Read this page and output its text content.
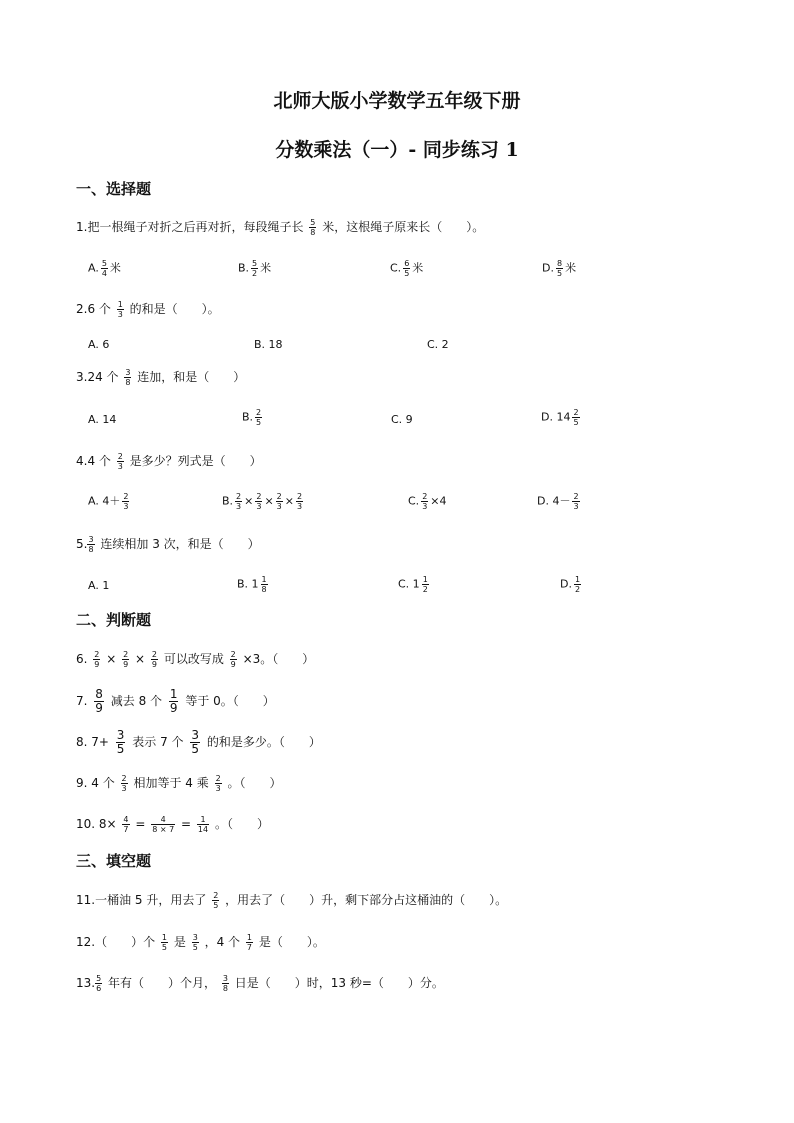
北师大版小学数学五年级下册
分数乘法（一）- 同步练习 1
一、选择题
1.把一根绳子对折之后再对折，每段绳子长 $\frac{5}{8}$ 米，这根绳子原来长（　　）。
A. $\frac{5}{4}$ 米	B. $\frac{5}{2}$ 米	C. $\frac{6}{5}$ 米	D. $\frac{8}{5}$ 米
2.6 个 $\frac{1}{3}$ 的和是（　　）。
A. 6	B. 18	C. 2
3.24 个 $\frac{3}{8}$ 连加，和是（　　）
A. 14	B. $\frac{2}{5}$	C. 9	D. $14 \frac{2}{5}$
4.4 个 $\frac{2}{3}$ 是多少？列式是（　　）
A. $4+ \frac{2}{3}$	B. $\frac{2}{3} \times \frac{2}{3} \times \frac{2}{3} \times \frac{2}{3}$	C. $\frac{2}{3} \times 4$	D. $4- \frac{2}{3}$
5. $\frac{3}{8}$ 连续相加 3 次，和是（　　）
A. 1	B. $1 \frac{1}{8}$	C. $1 \frac{1}{2}$	D. $\frac{1}{2}$
二、判断题
6. $\frac{2}{9} \times \frac{2}{9} \times \frac{2}{9}$ 可以改写成 $\frac{2}{9} \times 3$。（　　）
7. $\frac{8}{9}$ 减去 8 个 $\frac{1}{9}$ 等于 0。（　　）
8. $7+ \frac{3}{5}$ 表示 7 个 $\frac{3}{5}$ 的和是多少。（　　）
9. 4 个 $\frac{2}{3}$ 相加等于 4 乘 $\frac{2}{3}$ 。（　　）
10. $8\times \frac{4}{7} = \frac{4}{8 \times 7} = \frac{1}{14}$ 。（　　）
三、填空题
11.一桶油 5 升，用去了 $\frac{2}{5}$ ，用去了（　　）升，剩下部分占这桶油的（　　）。
12.（　　）个 $\frac{1}{5}$ 是 $\frac{3}{5}$ ，4 个 $\frac{1}{7}$ 是（　　）。
13. $\frac{5}{6}$ 年有（　　）个月， $\frac{3}{8}$ 日是（　　）时，13 秒=（　　）分。
